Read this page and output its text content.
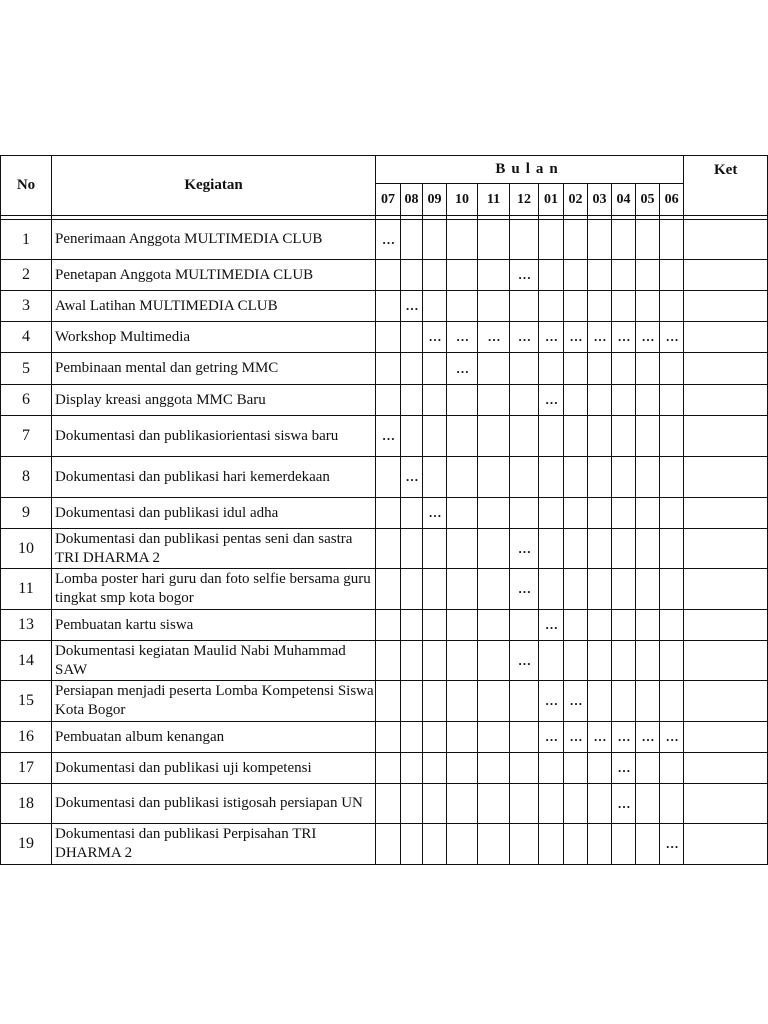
No	Kegiatan	Bulan												Ket
		07	08	09	10	11	12	01	02	03	04	05	06	

1	Penerimaan Anggota MULTIMEDIA CLUB	…												
2	Penetapan Anggota MULTIMEDIA CLUB						…							
3	Awal Latihan MULTIMEDIA CLUB		…											
4	Workshop Multimedia			…	…	…	…	…	…	…	…	…	…	
5	Pembinaan mental dan getring MMC				…									
6	Display kreasi anggota MMC Baru							…						
7	Dokumentasi dan publikasiorientasi siswa baru	…												
8	Dokumentasi dan publikasi hari kemerdekaan		…											
9	Dokumentasi dan publikasi idul adha			…										
10	Dokumentasi dan publikasi pentas seni dan sastra TRI DHARMA 2						…							
11	Lomba poster hari guru dan foto selfie bersama guru tingkat smp kota bogor						…							
13	Pembuatan kartu siswa							…						
14	Dokumentasi kegiatan Maulid Nabi Muhammad SAW						…							
15	Persiapan menjadi peserta Lomba Kompetensi Siswa Kota Bogor							…	…					
16	Pembuatan album kenangan							…	…	…	…	…	…	
17	Dokumentasi dan publikasi uji kompetensi										…			
18	Dokumentasi dan publikasi istigosah persiapan UN										…			
19	Dokumentasi dan publikasi Perpisahan TRI DHARMA 2												…	
